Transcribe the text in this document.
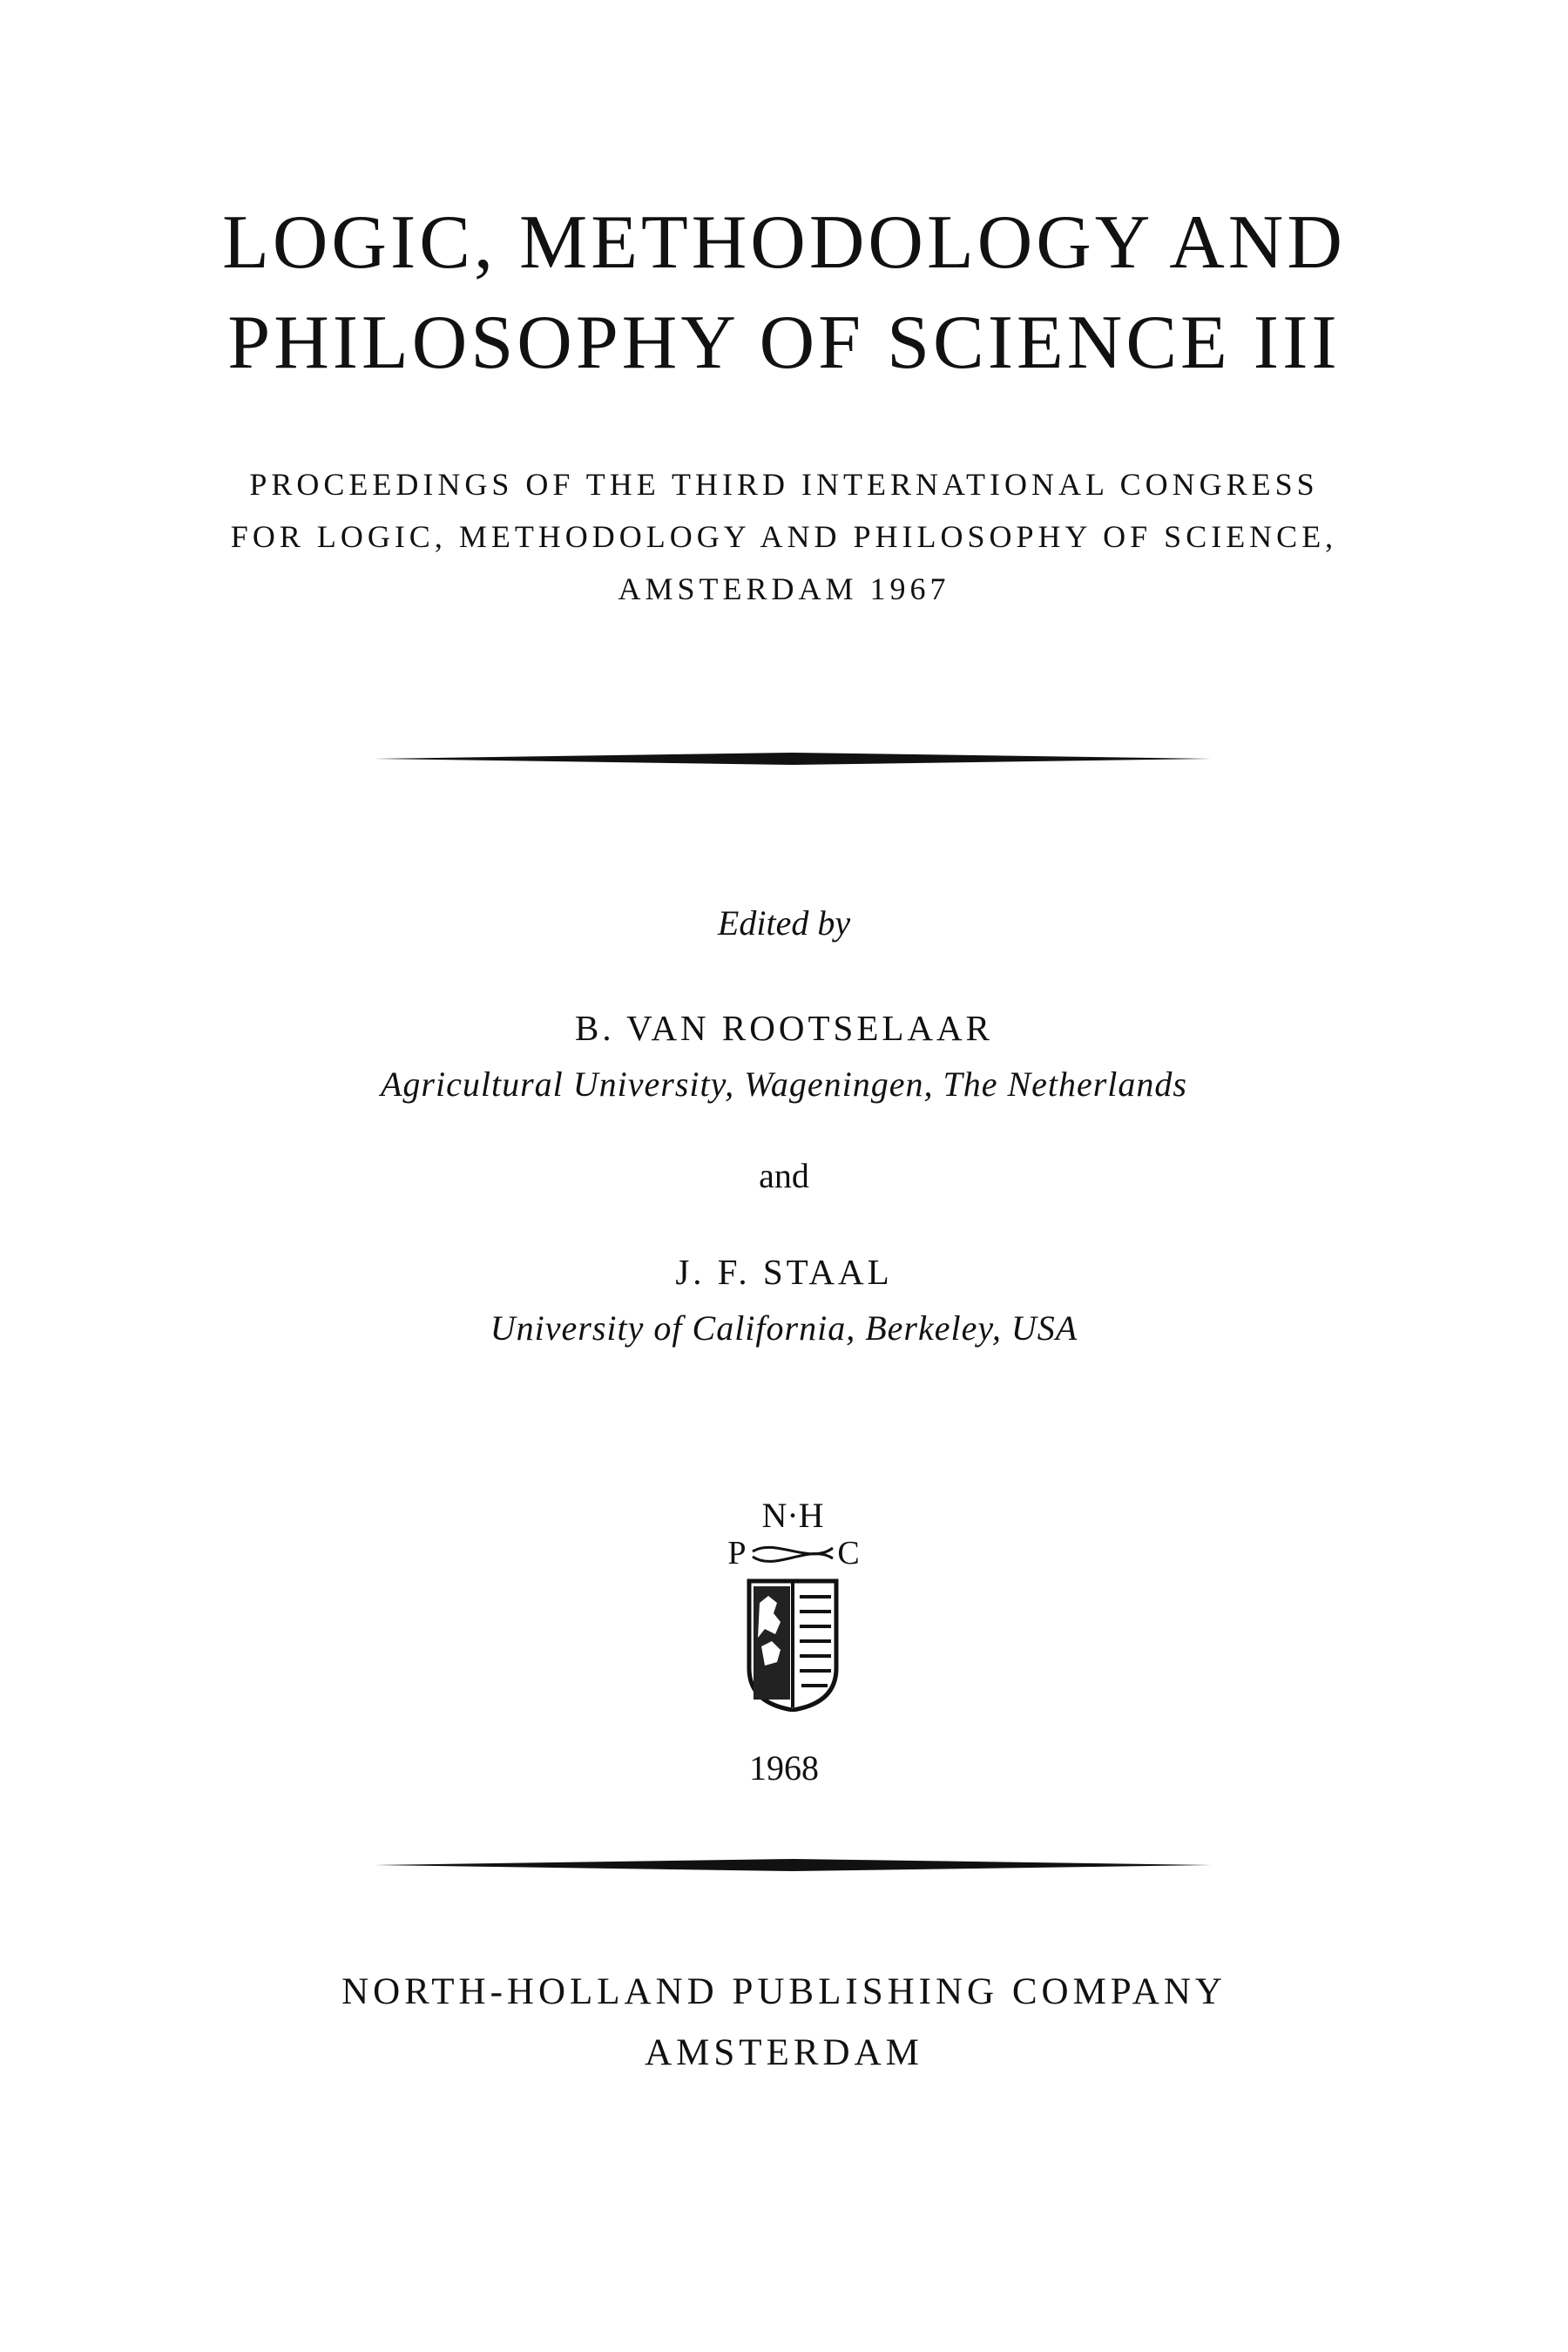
LOGIC, METHODOLOGY AND
PHILOSOPHY OF SCIENCE III
PROCEEDINGS OF THE THIRD INTERNATIONAL CONGRESS
FOR LOGIC, METHODOLOGY AND PHILOSOPHY OF SCIENCE,
AMSTERDAM 1967
Edited by
B. VAN ROOTSELAAR
Agricultural University, Wageningen, The Netherlands
and
J. F. STAAL
University of California, Berkeley, USA
N·H
P	C
1968
NORTH-HOLLAND PUBLISHING COMPANY
AMSTERDAM
